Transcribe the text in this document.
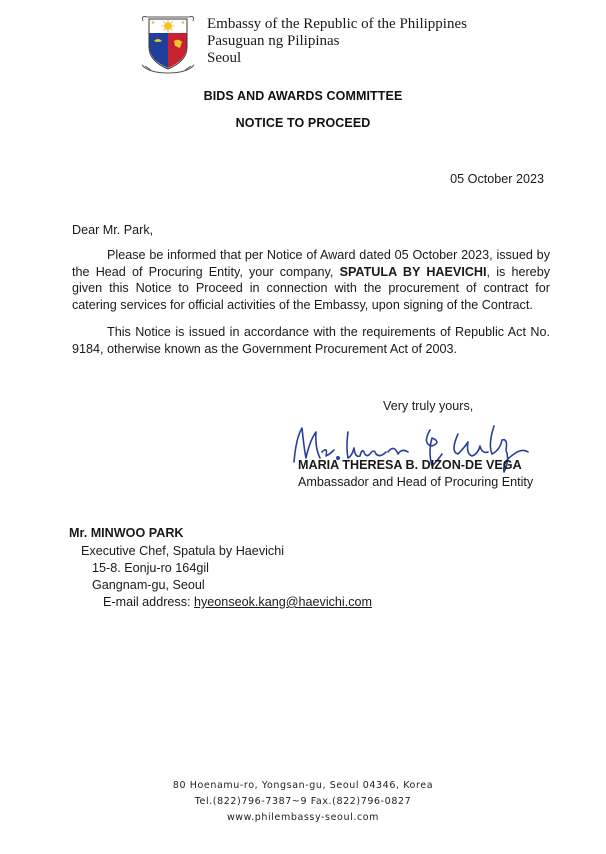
Embassy of the Republic of the Philippines
Pasuguan ng Pilipinas
Seoul
BIDS AND AWARDS COMMITTEE
NOTICE TO PROCEED
05 October 2023
Dear Mr. Park,
Please be informed that per Notice of Award dated 05 October 2023, issued by the Head of Procuring Entity, your company, SPATULA BY HAEVICHI, is hereby given this Notice to Proceed in connection with the procurement of contract for catering services for official activities of the Embassy, upon signing of the Contract.
This Notice is issued in accordance with the requirements of Republic Act No. 9184, otherwise known as the Government Procurement Act of 2003.
Very truly yours,
MARIA THERESA B. DIZON-DE VEGA
Ambassador and Head of Procuring Entity
Mr. MINWOO PARK
Executive Chef, Spatula by Haevichi
15-8. Eonju-ro 164gil
Gangnam-gu, Seoul
E-mail address: hyeonseok.kang@haevichi.com
80 Hoenamu-ro, Yongsan-gu, Seoul 04346, Korea
Tel.(822)796-7387~9 Fax.(822)796-0827
www.philembassy-seoul.com
